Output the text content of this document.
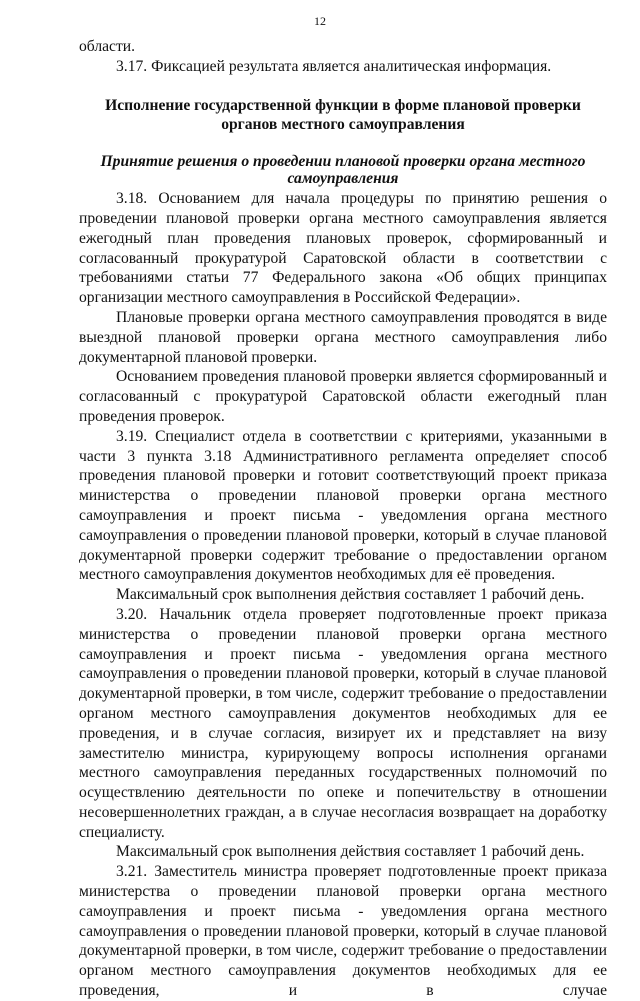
12

области.

3.17. Фиксацией результата является аналитическая информация.

Исполнение государственной функции в форме плановой проверки органов местного самоуправления

Принятие решения о проведении плановой проверки органа местного самоуправления

3.18. Основанием для начала процедуры по принятию решения о проведении плановой проверки органа местного самоуправления является ежегодный план проведения плановых проверок, сформированный и согласованный прокуратурой Саратовской области в соответствии с требованиями статьи 77 Федерального закона «Об общих принципах организации местного самоуправления в Российской Федерации».

Плановые проверки органа местного самоуправления проводятся в виде выездной плановой проверки органа местного самоуправления либо документарной плановой проверки.

Основанием проведения плановой проверки является сформированный и согласованный с прокуратурой Саратовской области ежегодный план проведения проверок.

3.19. Специалист отдела в соответствии с критериями, указанными в части 3 пункта 3.18 Административного регламента определяет способ проведения плановой проверки и готовит соответствующий проект приказа министерства о проведении плановой проверки органа местного самоуправления и проект письма - уведомления органа местного самоуправления о проведении плановой проверки, который в случае плановой документарной проверки содержит требование о предоставлении органом местного самоуправления документов необходимых для её проведения.

Максимальный срок выполнения действия составляет 1 рабочий день.

3.20. Начальник отдела проверяет подготовленные проект приказа министерства о проведении плановой проверки органа местного самоуправления и проект письма - уведомления органа местного самоуправления о проведении плановой проверки, который в случае плановой документарной проверки, в том числе, содержит требование о предоставлении органом местного самоуправления документов необходимых для ее проведения, и в случае согласия, визирует их и представляет на визу заместителю министра, курирующему вопросы исполнения органами местного самоуправления переданных государственных полномочий по осуществлению деятельности по опеке и попечительству в отношении несовершеннолетних граждан, а в случае несогласия возвращает на доработку специалисту.

Максимальный срок выполнения действия составляет 1 рабочий день.

3.21. Заместитель министра проверяет подготовленные проект приказа министерства о проведении плановой проверки органа местного самоуправления и проект письма - уведомления органа местного самоуправления о проведении плановой проверки, который в случае плановой документарной проверки, в том числе, содержит требование о предоставлении органом местного самоуправления документов необходимых для ее проведения, и в случае
